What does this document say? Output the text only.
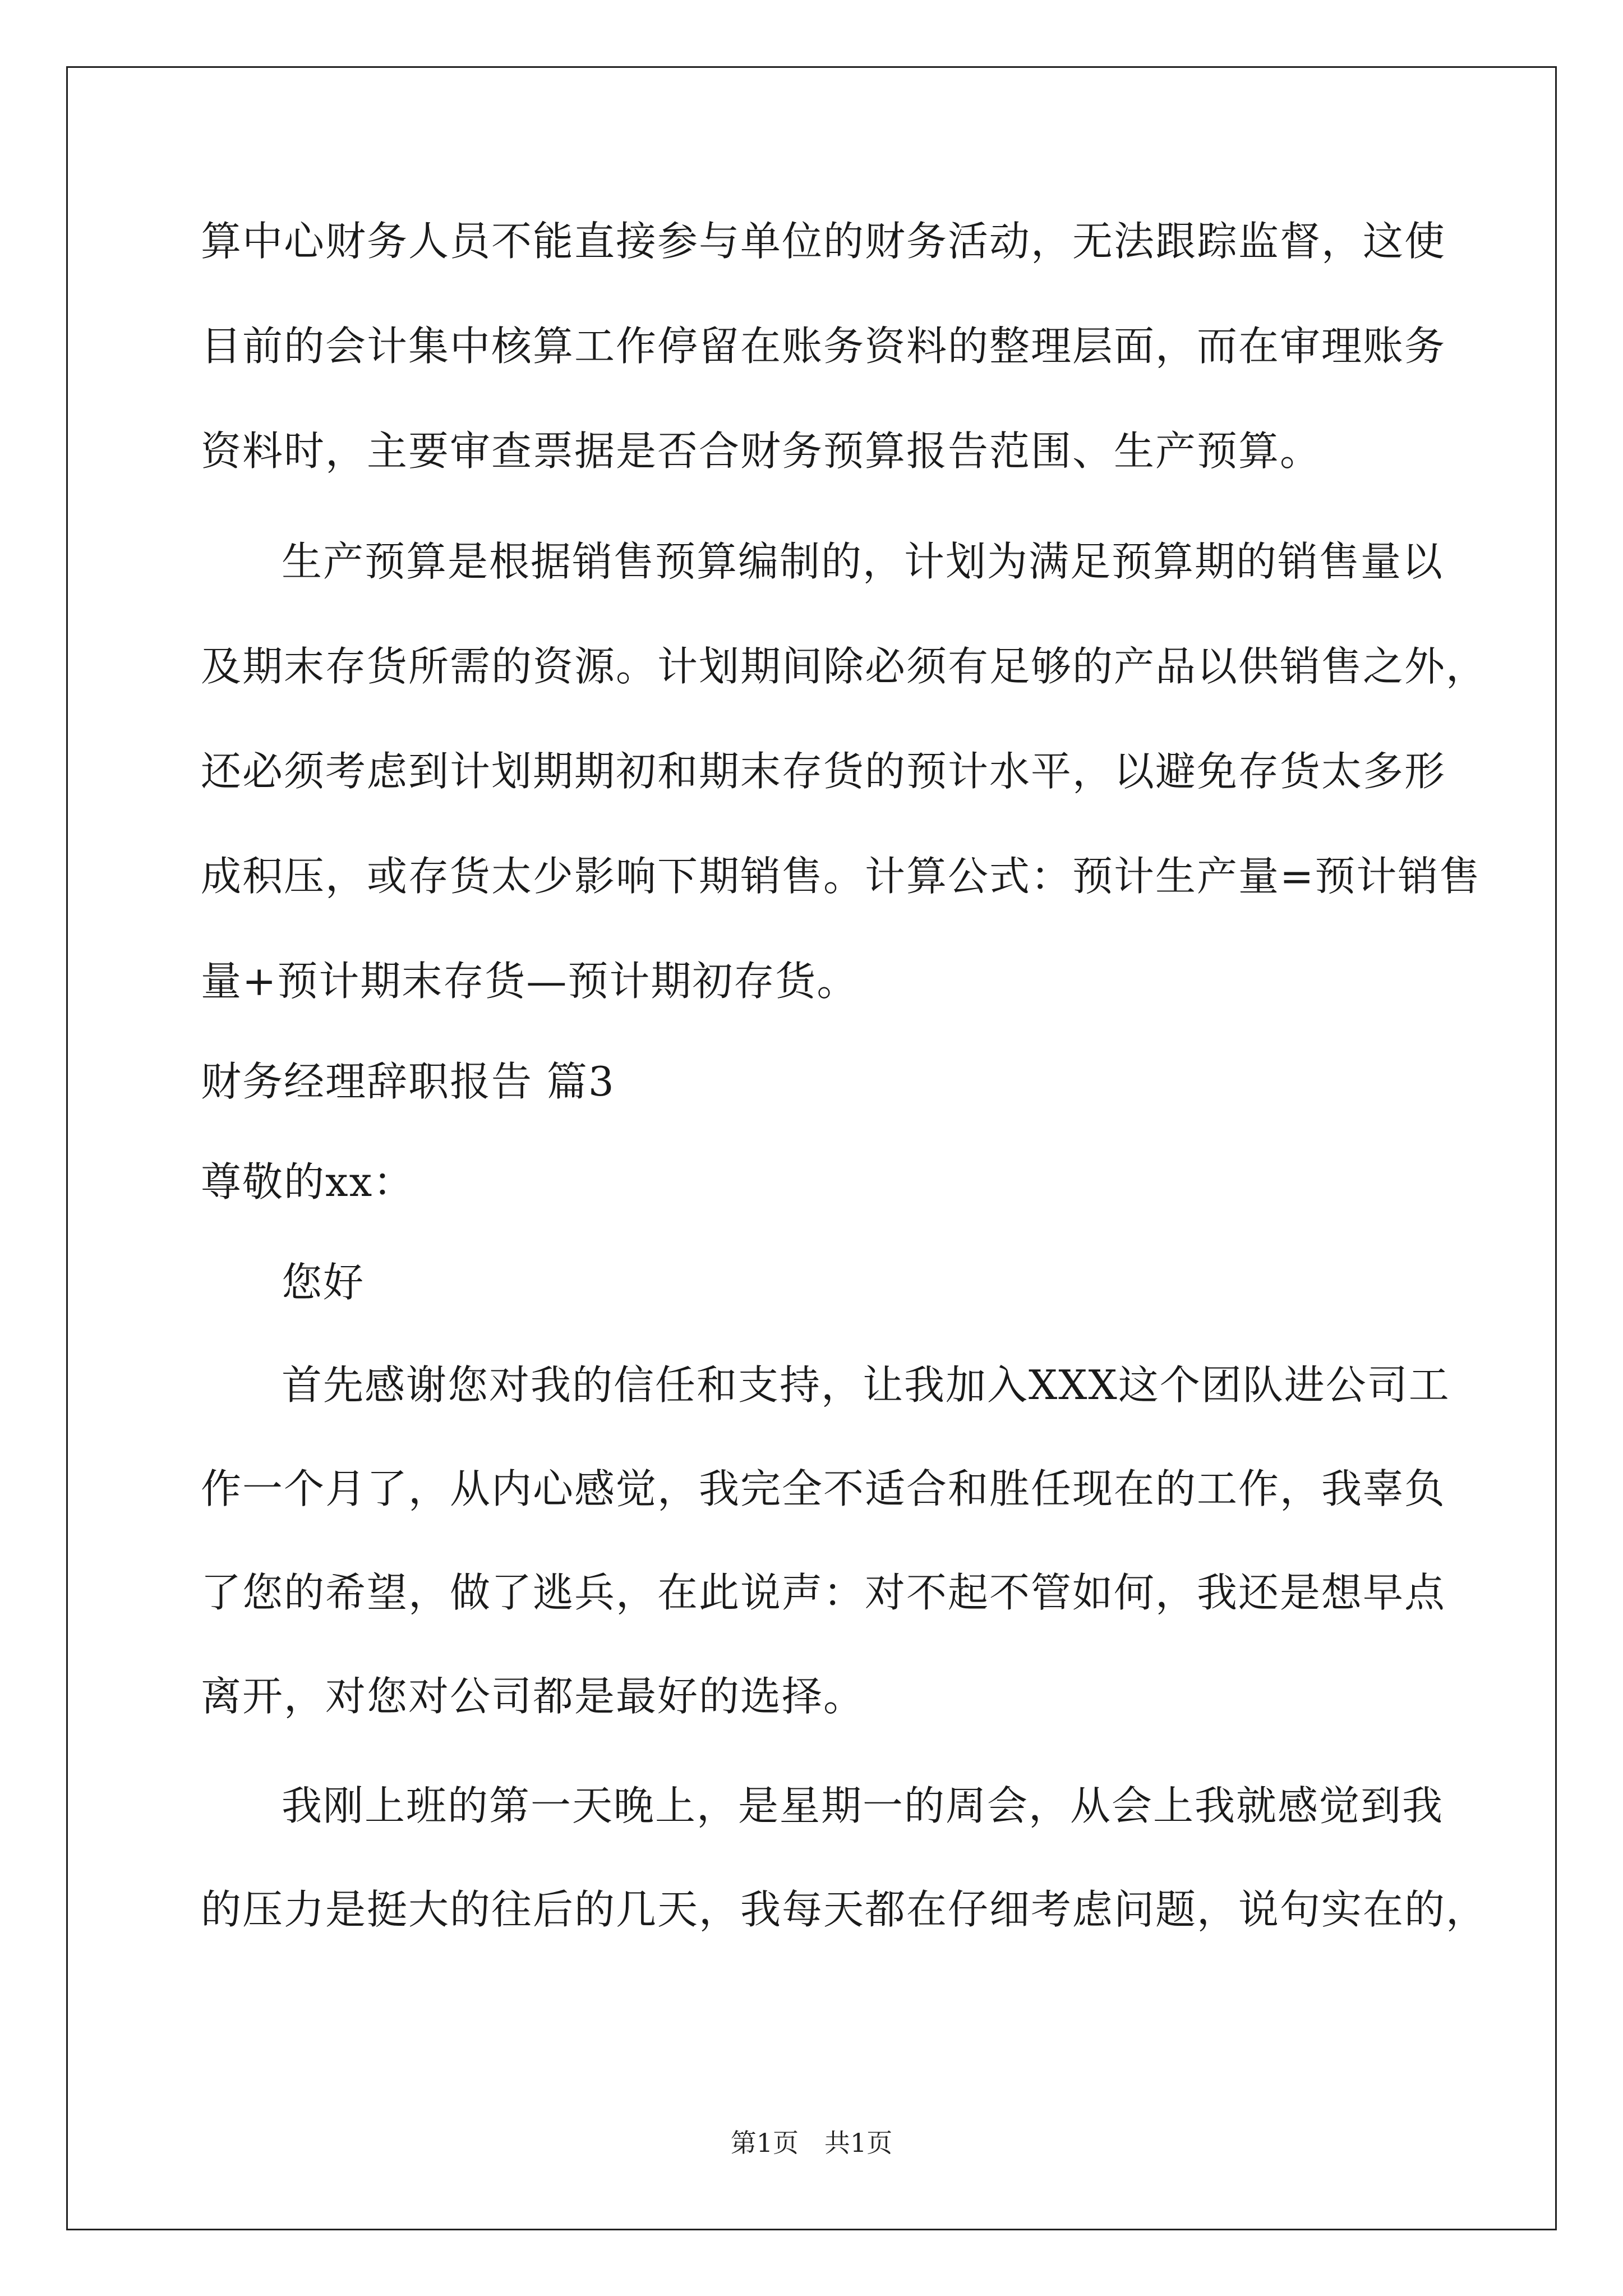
算中心财务人员不能直接参与单位的财务活动，无法跟踪监督，这使
目前的会计集中核算工作停留在账务资料的整理层面，而在审理账务
资料时，主要审查票据是否合财务预算报告范围、生产预算。
生产预算是根据销售预算编制的，计划为满足预算期的销售量以
及期末存货所需的资源。计划期间除必须有足够的产品以供销售之外，
还必须考虑到计划期期初和期末存货的预计水平，以避免存货太多形
成积压，或存货太少影响下期销售。计算公式：预计生产量=预计销售
量+预计期末存货—预计期初存货。
财务经理辞职报告 篇3
尊敬的xx：
您好
首先感谢您对我的信任和支持，让我加入XXX这个团队进公司工
作一个月了，从内心感觉，我完全不适合和胜任现在的工作，我辜负
了您的希望，做了逃兵，在此说声：对不起不管如何，我还是想早点
离开，对您对公司都是最好的选择。
我刚上班的第一天晚上，是星期一的周会，从会上我就感觉到我
的压力是挺大的往后的几天，我每天都在仔细考虑问题，说句实在的，
第1页　共1页
